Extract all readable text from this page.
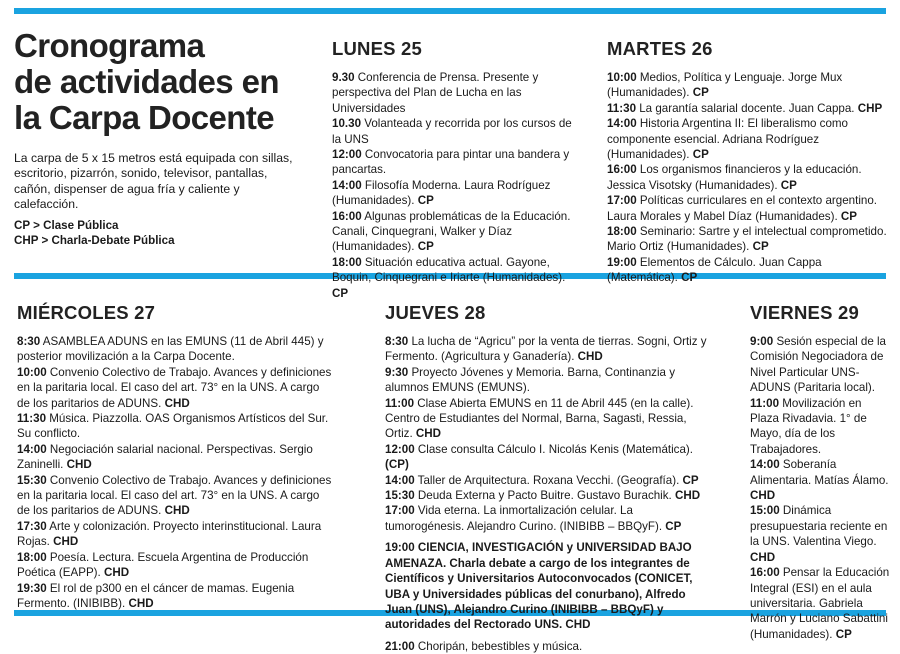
Cronograma
de actividades en
la Carpa Docente
La carpa de 5 x 15 metros está equipada con sillas, escritorio, pizarrón, sonido, televisor, pantallas, cañón, dispenser de agua fría y caliente y calefacción.
CP > Clase Pública
CHP > Charla-Debate Pública
LUNES 25

9.30 Conferencia de Prensa. Presente y perspectiva del Plan de Lucha en las Universidades

10.30 Volanteada y recorrida por los cursos de la UNS

12:00 Convocatoria para pintar una bandera y pancartas.

14:00 Filosofía Moderna. Laura Rodríguez (Humanidades). CP

16:00 Algunas problemáticas de la Educación. Canali, Cinquegrani, Walker y Díaz (Humanidades). CP

18:00 Situación educativa actual. Gayone, Boquin, Cinquegrani e Iriarte (Humanidades). CP

MARTES 26

10:00 Medios, Política y Lenguaje. Jorge Mux (Humanidades). CP

11:30 La garantía salarial docente. Juan Cappa. CHP

14:00 Historia Argentina II: El liberalismo como componente esencial. Adriana Rodríguez (Humanidades). CP

16:00 Los organismos financieros y la educación. Jessica Visotsky (Humanidades). CP

17:00 Políticas curriculares en el contexto argentino. Laura Morales y Mabel Díaz (Humanidades). CP

18:00 Seminario: Sartre y el intelectual comprometido. Mario Ortiz (Humanidades). CP

19:00 Elementos de Cálculo. Juan Cappa (Matemática). CP

MIÉRCOLES 27

8:30 ASAMBLEA ADUNS en las EMUNS (11 de Abril 445) y posterior movilización a la Carpa Docente.

10:00 Convenio Colectivo de Trabajo. Avances y definiciones en la paritaria local. El caso del art. 73° en la UNS. A cargo de los paritarios de ADUNS. CHD

11:30 Música. Piazzolla. OAS Organismos Artísticos del Sur. Su conflicto.

14:00 Negociación salarial nacional. Perspectivas. Sergio Zaninelli. CHD

15:30 Convenio Colectivo de Trabajo. Avances y definiciones en la paritaria local. El caso del art. 73° en la UNS. A cargo de los paritarios de ADUNS. CHD

17:30 Arte y colonización. Proyecto interinstitucional. Laura Rojas. CHD

18:00 Poesía. Lectura. Escuela Argentina de Producción Poética (EAPP). CHD

19:30 El rol de p300 en el cáncer de mamas. Eugenia Fermento. (INIBIBB). CHD

JUEVES 28

8:30 La lucha de “Agricu” por la venta de tierras. Sogni, Ortiz y Fermento. (Agricultura y Ganadería). CHD

9:30 Proyecto Jóvenes y Memoria. Barna, Continanzia y alumnos EMUNS (EMUNS).

11:00 Clase Abierta EMUNS en 11 de Abril 445 (en la calle). Centro de Estudiantes del Normal, Barna, Sagasti, Ressia, Ortiz. CHD

12:00 Clase consulta Cálculo I. Nicolás Kenis (Matemática). (CP)

14:00 Taller de Arquitectura. Roxana Vecchi. (Geografía). CP

15:30 Deuda Externa y Pacto Buitre. Gustavo Burachik. CHD

17:00 Vida eterna. La inmortalización celular. La tumorogénesis. Alejandro Curino. (INIBIBB – BBQyF). CP

19:00 CIENCIA, INVESTIGACIÓN y UNIVERSIDAD BAJO AMENAZA. Charla debate a cargo de los integrantes de Científicos y Universitarios Autoconvocados (CONICET, UBA y Universidades públicas del conurbano), Alfredo Juan (UNS), Alejandro Curino (INIBIBB – BBQyF) y autoridades del Rectorado UNS. CHD

21:00 Choripán, bebestibles y música.

VIERNES 29

9:00 Sesión especial de la Comisión Negociadora de Nivel Particular UNS-ADUNS (Paritaria local).

11:00 Movilización en Plaza Rivadavia. 1° de Mayo, día de los Trabajadores.

14:00 Soberanía Alimentaria. Matías Álamo. CHD

15:00 Dinámica presupuestaria reciente en la UNS. Valentina Viego. CHD

16:00 Pensar la Educación Integral (ESI) en el aula universitaria. Gabriela Marrón y Luciano Sabattini (Humanidades). CP
